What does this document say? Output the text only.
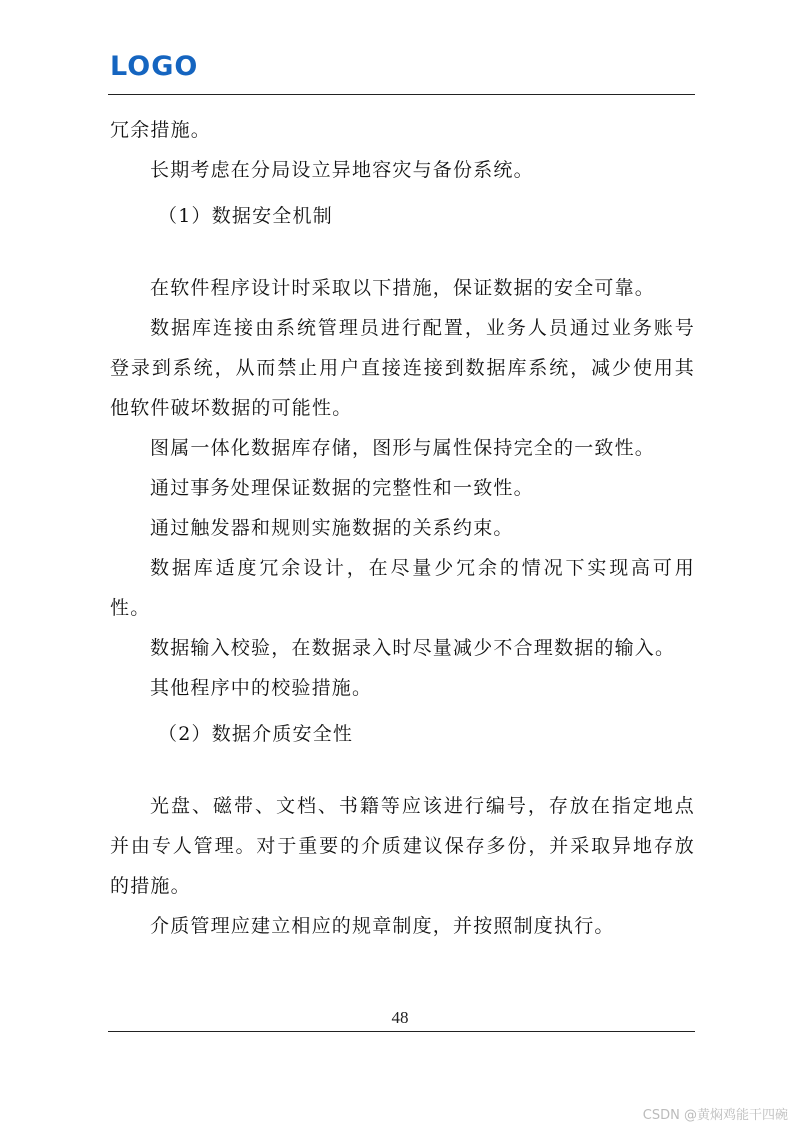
LOGO

冗余措施。

长期考虑在分局设立异地容灾与备份系统。

（1）数据安全机制

在软件程序设计时采取以下措施，保证数据的安全可靠。

数据库连接由系统管理员进行配置，业务人员通过业务账号登录到系统，从而禁止用户直接连接到数据库系统，减少使用其他软件破坏数据的可能性。

图属一体化数据库存储，图形与属性保持完全的一致性。

通过事务处理保证数据的完整性和一致性。

通过触发器和规则实施数据的关系约束。

数据库适度冗余设计，在尽量少冗余的情况下实现高可用性。

数据输入校验，在数据录入时尽量减少不合理数据的输入。

其他程序中的校验措施。

（2）数据介质安全性

光盘、磁带、文档、书籍等应该进行编号，存放在指定地点并由专人管理。对于重要的介质建议保存多份，并采取异地存放的措施。

介质管理应建立相应的规章制度，并按照制度执行。

48
CSDN @黄焖鸡能干四碗
